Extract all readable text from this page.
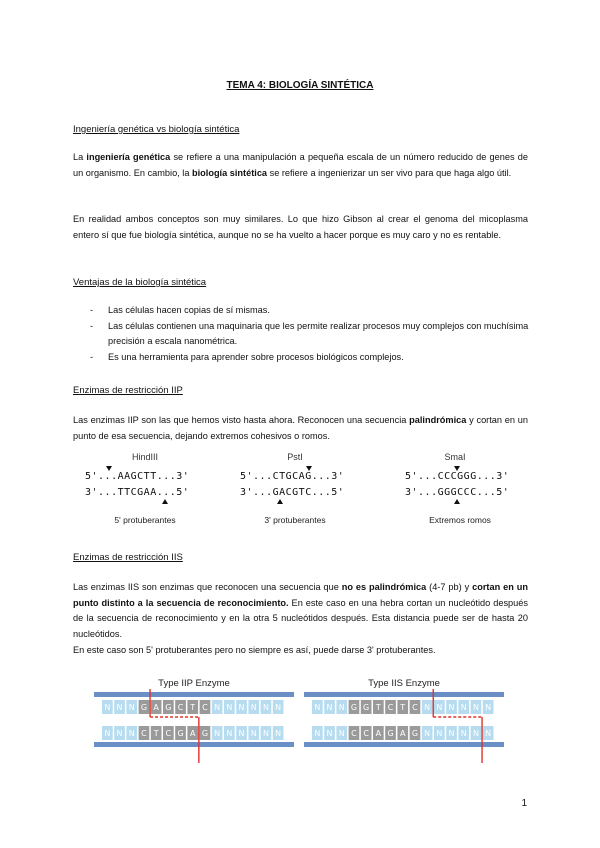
TEMA 4: BIOLOGÍA SINTÉTICA
Ingeniería genética vs biología sintética
La ingeniería genética se refiere a una manipulación a pequeña escala de un número reducido de genes de un organismo. En cambio, la biología sintética se refiere a ingenierizar un ser vivo para que haga algo útil.
En realidad ambos conceptos son muy similares. Lo que hizo Gibson al crear el genoma del micoplasma entero sí que fue biología sintética, aunque no se ha vuelto a hacer porque es muy caro y no es rentable.
Ventajas de la biología sintética
- Las células hacen copias de sí mismas.
- Las células contienen una maquinaria que les permite realizar procesos muy complejos con muchísima precisión a escala nanométrica.
- Es una herramienta para aprender sobre procesos biológicos complejos.
Enzimas de restricción IIP
Las enzimas IIP son las que hemos visto hasta ahora. Reconocen una secuencia palindrómica y cortan en un punto de esa secuencia, dejando extremos cohesivos o romos.
HindIII
5'...AAGCTT...3'
3'...TTCGAA...5'
5' protuberantes
PstI
5'...CTGCAG...3'
3'...GACGTC...5'
3' protuberantes
SmaI
5'...CCCGGG...3'
3'...GGGCCC...5'
Extremos romos
Enzimas de restricción IIS
Las enzimas IIS son enzimas que reconocen una secuencia que no es palindrómica (4-7 pb) y cortan en un punto distinto a la secuencia de reconocimiento. En este caso en una hebra cortan un nucleótido después de la secuencia de reconocimiento y en la otra 5 nucleótidos después. Esta distancia puede ser de hasta 20 nucleótidos.
En este caso son 5' protuberantes pero no siempre es así, puede darse 3' protuberantes.
Type IIP Enzyme
N N N G A G C T C N N N N N N
N N N C T C G A G N N N N N N
Type IIS Enzyme
N N N G G T C T C N N N N N N
N N N C C A G A G N N N N N N
1
